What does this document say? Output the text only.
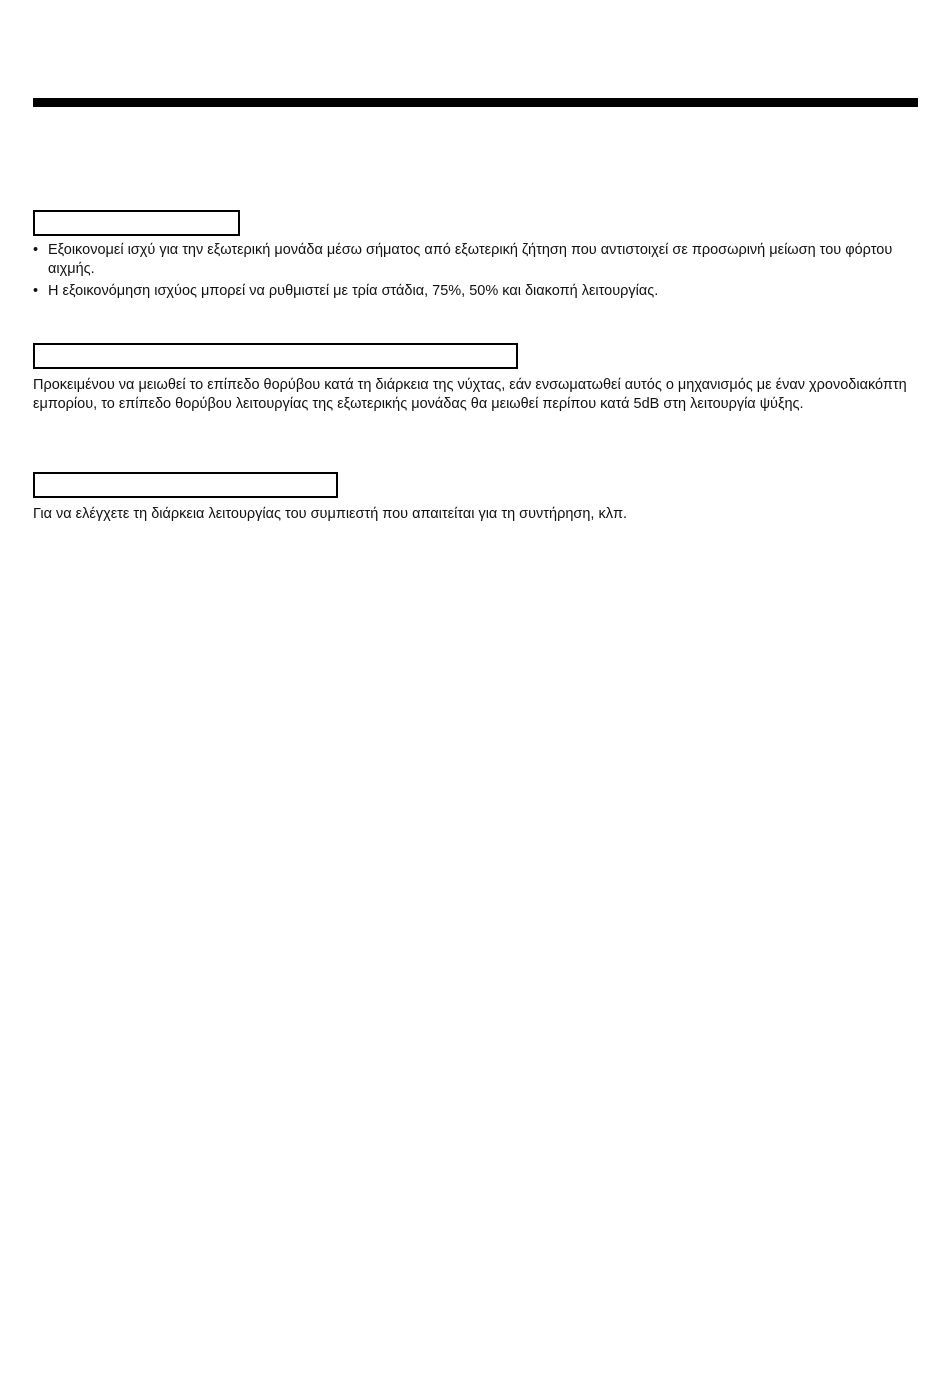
• Εξοικονομεί ισχύ για την εξωτερική μονάδα μέσω σήματος από εξωτερική ζήτηση που αντιστοιχεί σε προσωρινή μείωση του φόρτου αιχμής.
• Η εξοικονόμηση ισχύος μπορεί να ρυθμιστεί με τρία στάδια, 75%, 50% και διακοπή λειτουργίας.

Προκειμένου να μειωθεί το επίπεδο θορύβου κατά τη διάρκεια της νύχτας, εάν ενσωματωθεί αυτός ο μηχανισμός με έναν χρονοδιακόπτη εμπορίου, το επίπεδο θορύβου λειτουργίας της εξωτερικής μονάδας θα μειωθεί περίπου κατά 5dB στη λειτουργία ψύξης.

Για να ελέγχετε τη διάρκεια λειτουργίας του συμπιεστή που απαιτείται για τη συντήρηση, κλπ.
